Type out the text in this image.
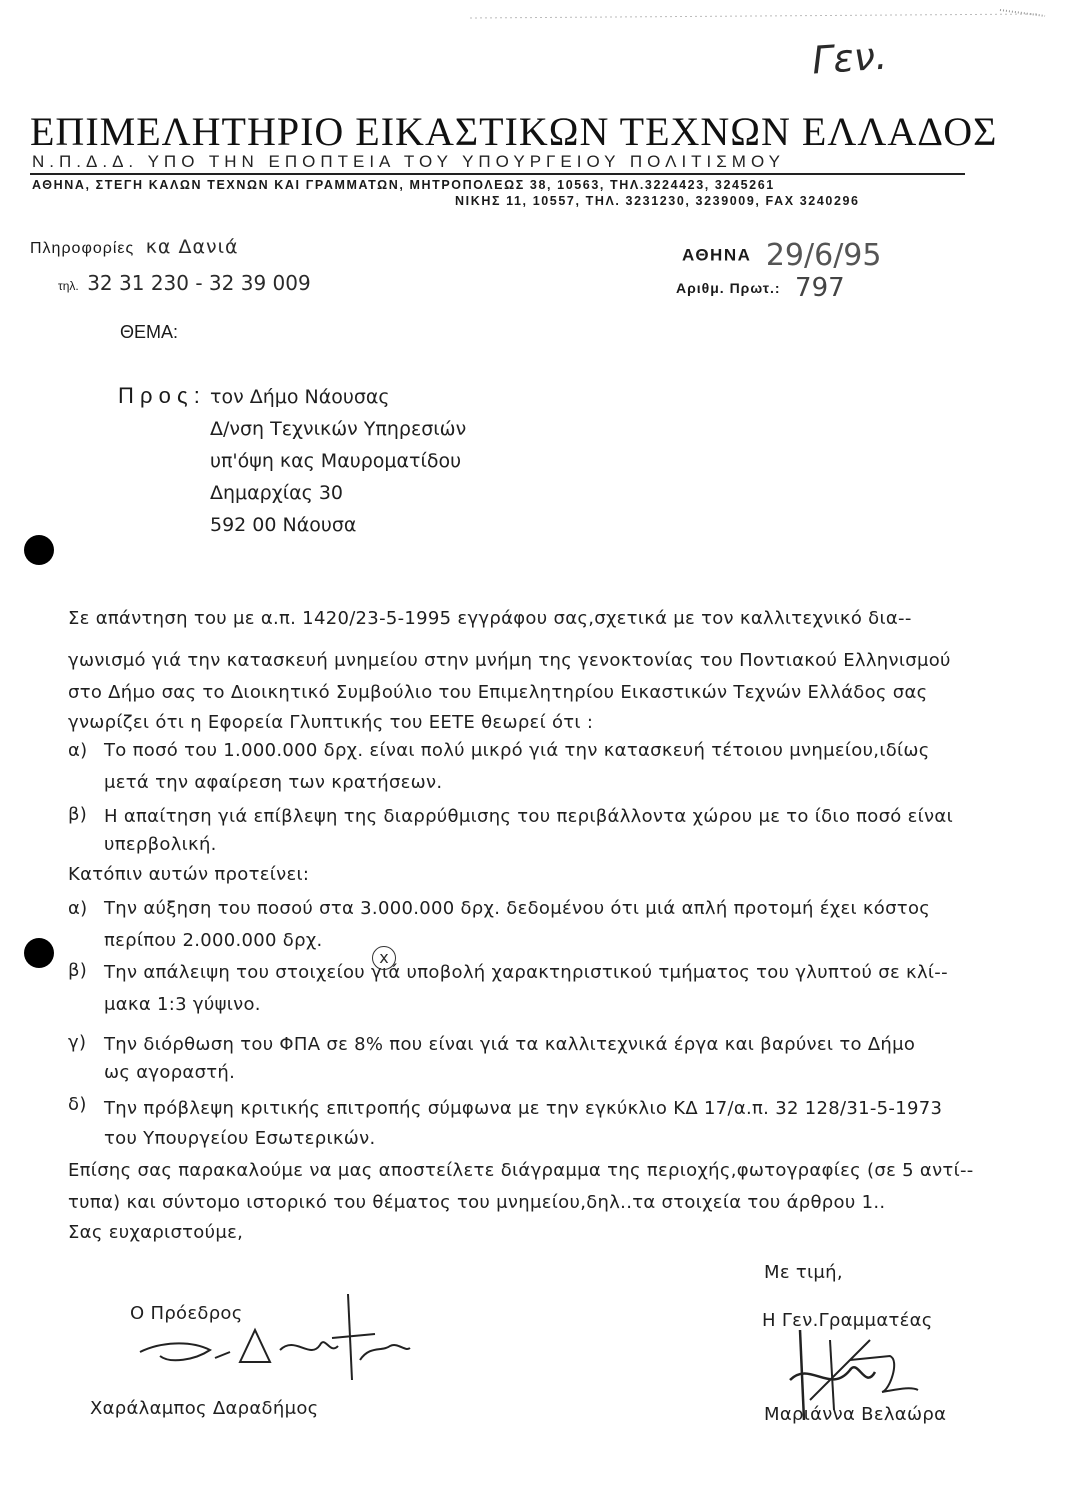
Γεν.
ΕΠΙΜΕΛΗΤΗΡΙΟ ΕΙΚΑΣΤΙΚΩΝ ΤΕΧΝΩΝ ΕΛΛΑΔΟΣ
Ν.Π.Δ.Δ. ΥΠΟ ΤΗΝ ΕΠΟΠΤΕΙΑ ΤΟΥ ΥΠΟΥΡΓΕΙΟΥ ΠΟΛΙΤΙΣΜΟΥ
ΑΘΗΝΑ, ΣΤΕΓΗ ΚΑΛΩΝ ΤΕΧΝΩΝ ΚΑΙ ΓΡΑΜΜΑΤΩΝ, ΜΗΤΡΟΠΟΛΕΩΣ 38, 10563, ΤΗΛ.3224423, 3245261
ΝΙΚΗΣ 11, 10557, ΤΗΛ. 3231230, 3239009, FAX 3240296
Πληροφορίες κα Δανιά
τηλ. 32 31 230 - 32 39 009
ΑΘΗΝΑ 29/6/95
Αριθμ. Πρωτ.: 797
ΘΕΜΑ:
Π ρ ο ς : τον Δήμο Νάουσας
Δ/νση Τεχνικών Υπηρεσιών
υπ'όψη κας Μαυροματίδου
Δημαρχίας 30
592 00 Νάουσα
Σε απάντηση του με α.π. 1420/23-5-1995 εγγράφου σας,σχετικά με τον καλλιτεχνικό δια--
γωνισμό γιά την κατασκευή μνημείου στην μνήμη της γενοκτονίας του Ποντιακού Ελληνισμού
στο Δήμο σας το Διοικητικό Συμβούλιο του Επιμελητηρίου Εικαστικών Τεχνών Ελλάδος σας
γνωρίζει ότι η Εφορεία Γλυπτικής του ΕΕΤΕ θεωρεί ότι :
α) Το ποσό του 1.000.000 δρχ. είναι πολύ μικρό γιά την κατασκευή τέτοιου μνημείου,ιδίως
μετά την αφαίρεση των κρατήσεων.
β) Η απαίτηση γιά επίβλεψη της διαρρύθμισης του περιβάλλοντα χώρου με το ίδιο ποσό είναι
υπερβολική.
Κατόπιν αυτών προτείνει:
α) Την αύξηση του ποσού στα 3.000.000 δρχ. δεδομένου ότι μιά απλή προτομή έχει κόστος
περίπου 2.000.000 δρχ.
β) Την απάλειψη του στοιχείου γιά υποβολή χαρακτηριστικού τμήματος του γλυπτού σε κλί--
μακα 1:3 γύψινο.
x
γ) Την διόρθωση του ΦΠΑ σε 8% που είναι γιά τα καλλιτεχνικά έργα και βαρύνει το Δήμο
ως αγοραστή.
δ) Την πρόβλεψη κριτικής επιτροπής σύμφωνα με την εγκύκλιο ΚΔ 17/α.π. 32 128/31-5-1973
του Υπουργείου Εσωτερικών.
Επίσης σας παρακαλούμε να μας αποστείλετε διάγραμμα της περιοχής,φωτογραφίες (σε 5 αντί--
τυπα) και σύντομο ιστορικό του θέματος του μνημείου,δηλ..τα στοιχεία του άρθρου 1..
Σας ευχαριστούμε,
Με τιμή,
Ο Πρόεδρος
Χαράλαμπος Δαραδήμος
Η Γεν.Γραμματέας
Μαριάννα Βελαώρα
